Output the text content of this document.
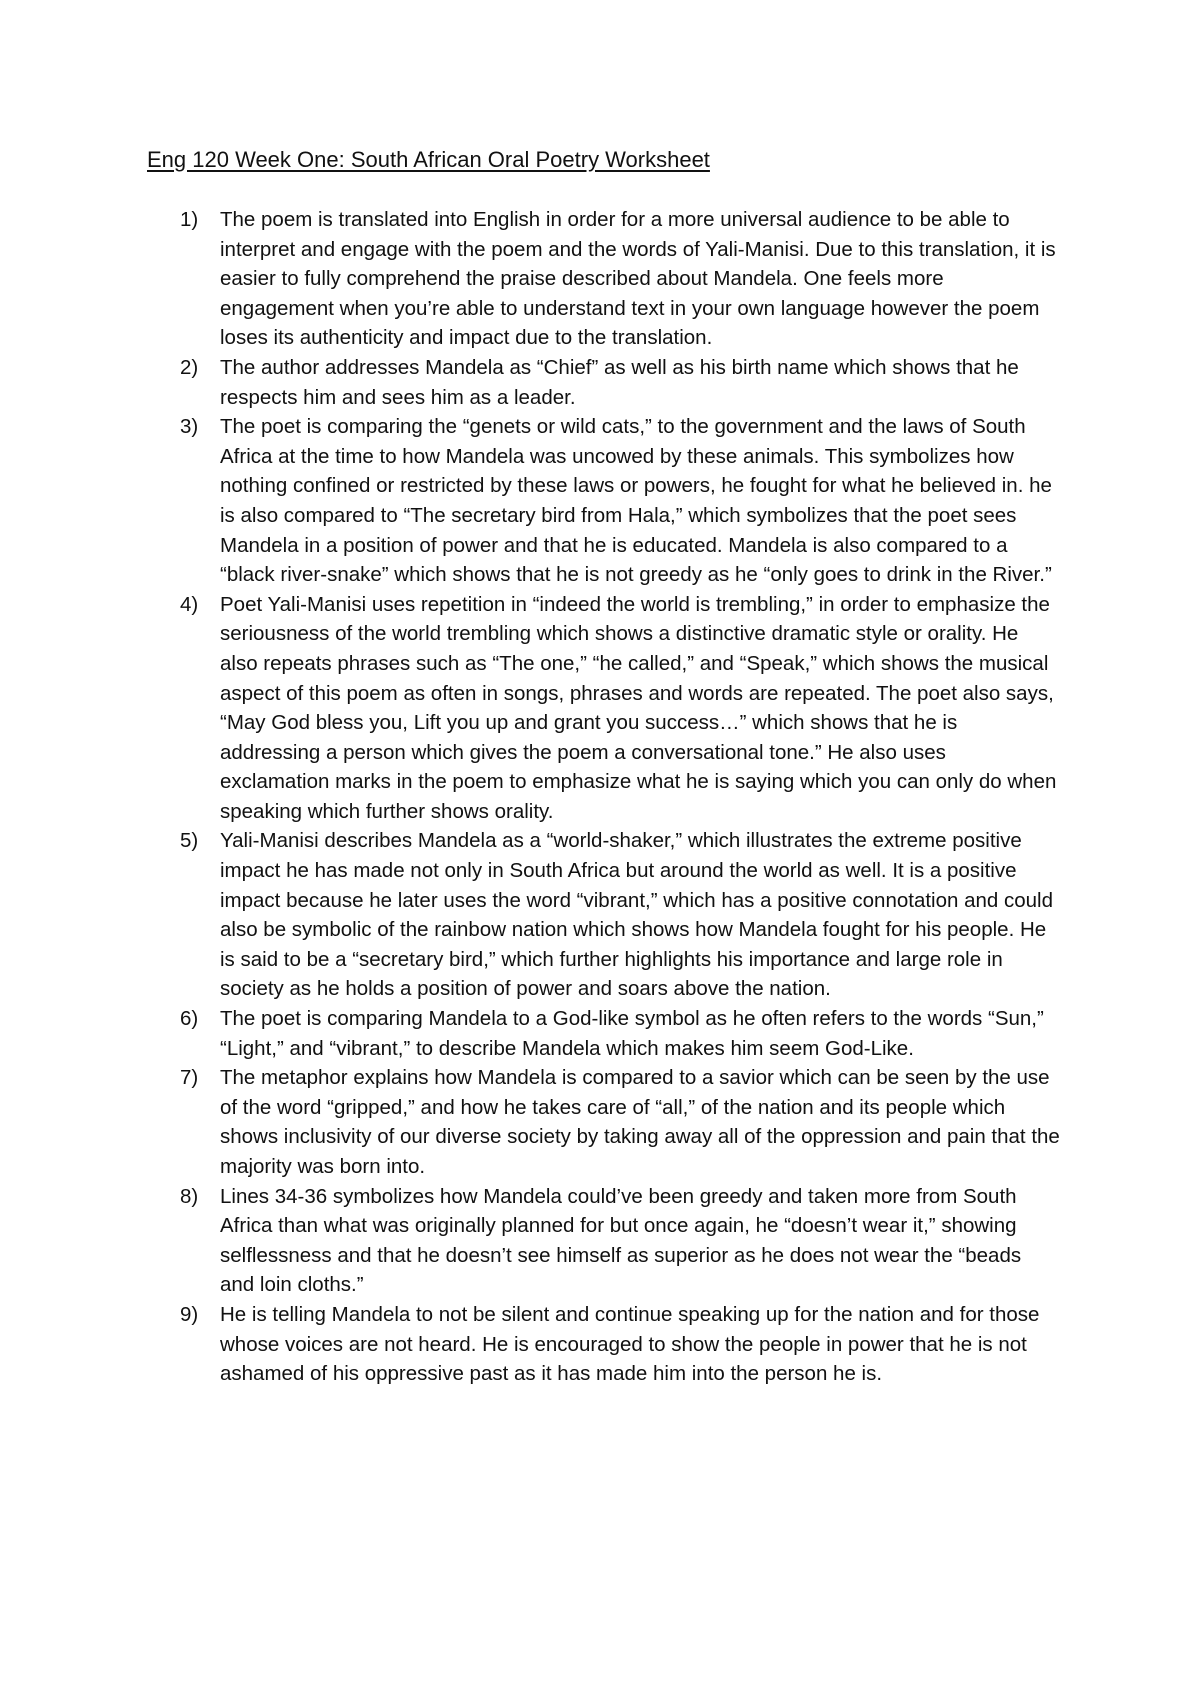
Eng 120 Week One: South African Oral Poetry Worksheet
1)	The poem is translated into English in order for a more universal audience to be able to interpret and engage with the poem and the words of Yali-Manisi. Due to this translation, it is easier to fully comprehend the praise described about Mandela. One feels more engagement when you’re able to understand text in your own language however the poem loses its authenticity and impact due to the translation.
2)	The author addresses Mandela as “Chief” as well as his birth name which shows that he respects him and sees him as a leader.
3)	The poet is comparing the “genets or wild cats,” to the government and the laws of South Africa at the time to how Mandela was uncowed by these animals. This symbolizes how nothing confined or restricted by these laws or powers, he fought for what he believed in. he is also compared to “The secretary bird from Hala,” which symbolizes that the poet sees Mandela in a position of power and that he is educated. Mandela is also compared to a “black river-snake” which shows that he is not greedy as he “only goes to drink in the River.”
4)	Poet Yali-Manisi uses repetition in “indeed the world is trembling,” in order to emphasize the seriousness of the world trembling which shows a distinctive dramatic style or orality. He also repeats phrases such as “The one,” “he called,” and “Speak,” which shows the musical aspect of this poem as often in songs, phrases and words are repeated. The poet also says, “May God bless you, Lift you up and grant you success…” which shows that he is addressing a person which gives the poem a conversational tone.” He also uses exclamation marks in the poem to emphasize what he is saying which you can only do when speaking which further shows orality.
5)	Yali-Manisi describes Mandela as a “world-shaker,” which illustrates the extreme positive impact he has made not only in South Africa but around the world as well. It is a positive impact because he later uses the word “vibrant,” which has a positive connotation and could also be symbolic of the rainbow nation which shows how Mandela fought for his people. He is said to be a “secretary bird,” which further highlights his importance and large role in society as he holds a position of power and soars above the nation.
6)	The poet is comparing Mandela to a God-like symbol as he often refers to the words “Sun,” “Light,” and “vibrant,” to describe Mandela which makes him seem God-Like.
7)	The metaphor explains how Mandela is compared to a savior which can be seen by the use of the word “gripped,” and how he takes care of “all,” of the nation and its people which shows inclusivity of our diverse society by taking away all of the oppression and pain that the majority was born into.
8)	Lines 34-36 symbolizes how Mandela could’ve been greedy and taken more from South Africa than what was originally planned for but once again, he “doesn’t wear it,” showing selflessness and that he doesn’t see himself as superior as he does not wear the “beads and loin cloths.”
9)	He is telling Mandela to not be silent and continue speaking up for the nation and for those whose voices are not heard. He is encouraged to show the people in power that he is not ashamed of his oppressive past as it has made him into the person he is.
